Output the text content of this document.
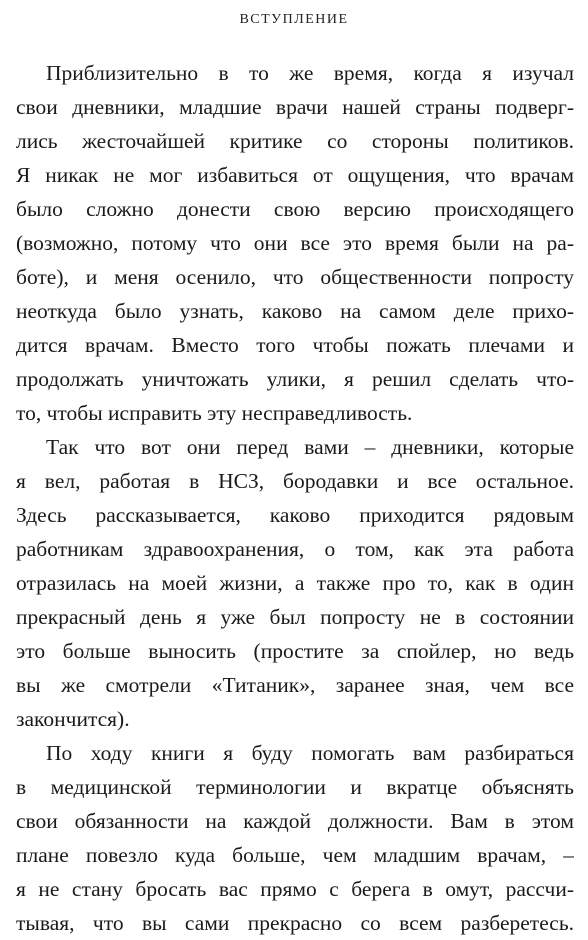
ВСТУПЛЕНИЕ
Приблизительно в то же время, когда я изучал
свои дневники, младшие врачи нашей страны подверг-
лись жесточайшей критике со стороны политиков.
Я никак не мог избавиться от ощущения, что врачам
было сложно донести свою версию происходящего
(возможно, потому что они все это время были на ра-
боте), и меня осенило, что общественности попросту
неоткуда было узнать, каково на самом деле прихо-
дится врачам. Вместо того чтобы пожать плечами и
продолжать уничтожать улики, я решил сделать что-
то, чтобы исправить эту несправедливость.
Так что вот они перед вами – дневники, которые
я вел, работая в НСЗ, бородавки и все остальное.
Здесь рассказывается, каково приходится рядовым
работникам здравоохранения, о том, как эта работа
отразилась на моей жизни, а также про то, как в один
прекрасный день я уже был попросту не в состоянии
это больше выносить (простите за спойлер, но ведь
вы же смотрели «Титаник», заранее зная, чем все
закончится).
По ходу книги я буду помогать вам разбираться
в медицинской терминологии и вкратце объяснять
свои обязанности на каждой должности. Вам в этом
плане повезло куда больше, чем младшим врачам, –
я не стану бросать вас прямо с берега в омут, рассчи-
тывая, что вы сами прекрасно со всем разберетесь.
